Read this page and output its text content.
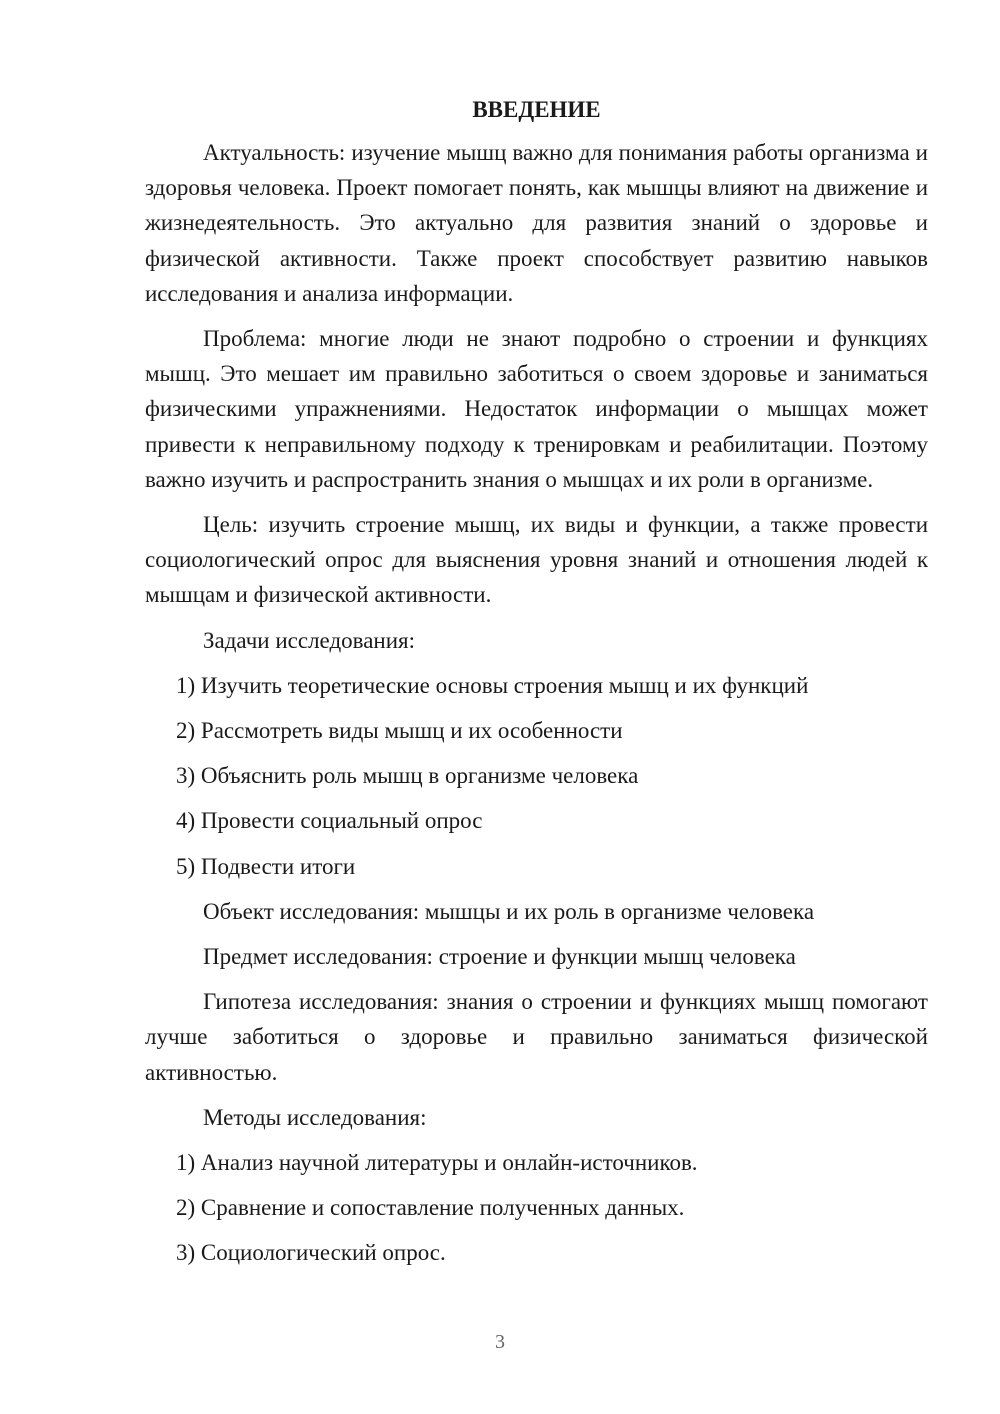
ВВЕДЕНИЕ

Актуальность: изучение мышц важно для понимания работы организма и здоровья человека. Проект помогает понять, как мышцы влияют на движение и жизнедеятельность. Это актуально для развития знаний о здоровье и физической активности. Также проект способствует развитию навыков исследования и анализа информации.

Проблема: многие люди не знают подробно о строении и функциях мышц. Это мешает им правильно заботиться о своем здоровье и заниматься физическими упражнениями. Недостаток информации о мышцах может привести к неправильному подходу к тренировкам и реабилитации. Поэтому важно изучить и распространить знания о мышцах и их роли в организме.

Цель: изучить строение мышц, их виды и функции, а также провести социологический опрос для выяснения уровня знаний и отношения людей к мышцам и физической активности.

Задачи исследования:

1) Изучить теоретические основы строения мышц и их функций

2) Рассмотреть виды мышц и их особенности

3) Объяснить роль мышц в организме человека

4) Провести социальный опрос

5) Подвести итоги

Объект исследования: мышцы и их роль в организме человека

Предмет исследования: строение и функции мышц человека

Гипотеза исследования: знания о строении и функциях мышц помогают лучше заботиться о здоровье и правильно заниматься физической активностью.

Методы исследования:

1) Анализ научной литературы и онлайн-источников.

2) Сравнение и сопоставление полученных данных.

3) Социологический опрос.

3
